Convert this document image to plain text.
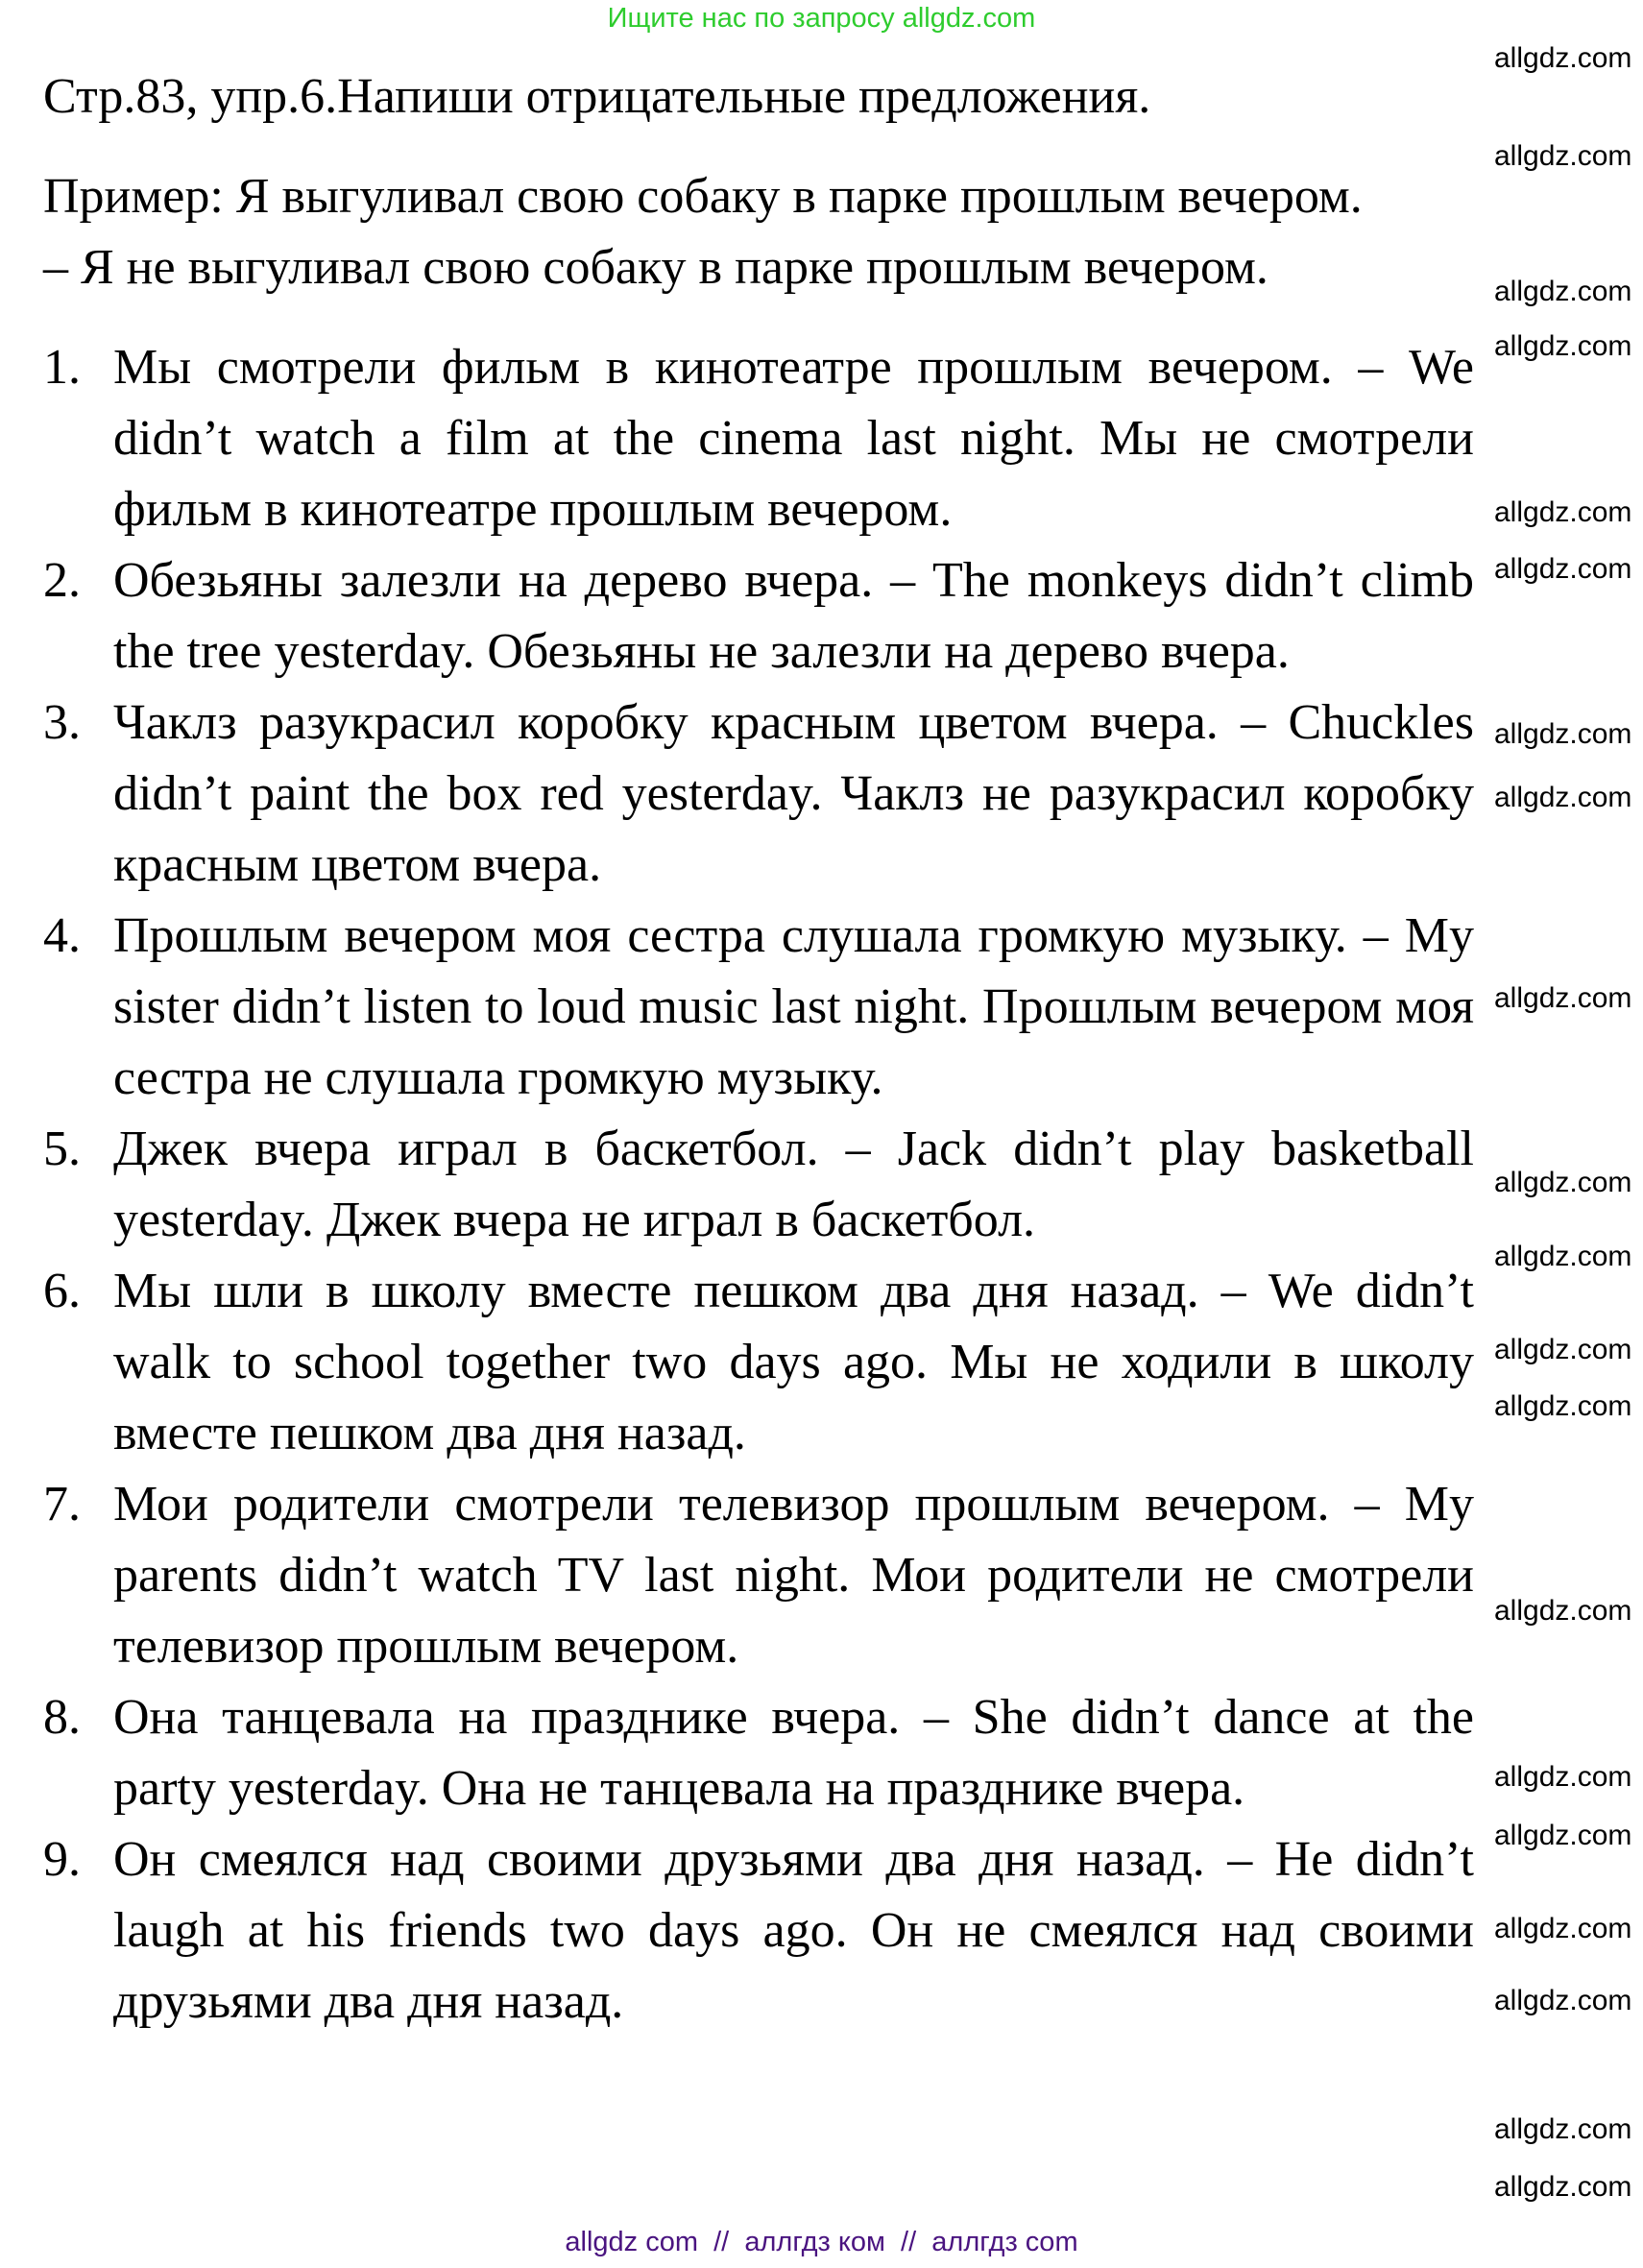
Ищите нас по запросу allgdz.com
Стр.83, упр.6.Напиши отрицательные предложения.
Пример: Я выгуливал свою собаку в парке прошлым вечером.
– Я не выгуливал свою собаку в парке прошлым вечером.
1. Мы смотрели фильм в кинотеатре прошлым вечером. – We didn’t watch a film at the cinema last night. Мы не смотрели фильм в кинотеатре прошлым вечером.
2. Обезьяны залезли на дерево вчера. – The monkeys didn’t climb the tree yesterday. Обезьяны не залезли на дерево вчера.
3. Чаклз разукрасил коробку красным цветом вчера. – Chuckles didn’t paint the box red yesterday. Чаклз не разукрасил коробку красным цветом вчера.
4. Прошлым вечером моя сестра слушала громкую музыку. – My sister didn’t listen to loud music last night. Прошлым вечером моя сестра не слушала громкую музыку.
5. Джек вчера играл в баскетбол. – Jack didn’t play basketball yesterday. Джек вчера не играл в баскетбол.
6. Мы шли в школу вместе пешком два дня назад. – We didn’t walk to school together two days ago. Мы не ходили в школу вместе пешком два дня назад.
7. Мои родители смотрели телевизор прошлым вечером. – My parents didn’t watch TV last night. Мои родители не смотрели телевизор прошлым вечером.
8. Она танцевала на празднике вчера. – She didn’t dance at the party yesterday. Она не танцевала на празднике вчера.
9. Он смеялся над своими друзьями два дня назад. – He didn’t laugh at his friends two days ago. Он не смеялся над своими друзьями два дня назад.
allgdz.com
allgdz.com
allgdz.com
allgdz.com
allgdz.com
allgdz.com
allgdz.com
allgdz.com
allgdz.com
allgdz.com
allgdz.com
allgdz.com
allgdz.com
allgdz.com
allgdz.com
allgdz.com
allgdz.com
allgdz.com
allgdz.com
allgdz.com
allgdz com  //  аллгдз ком  //  аллгдз com
